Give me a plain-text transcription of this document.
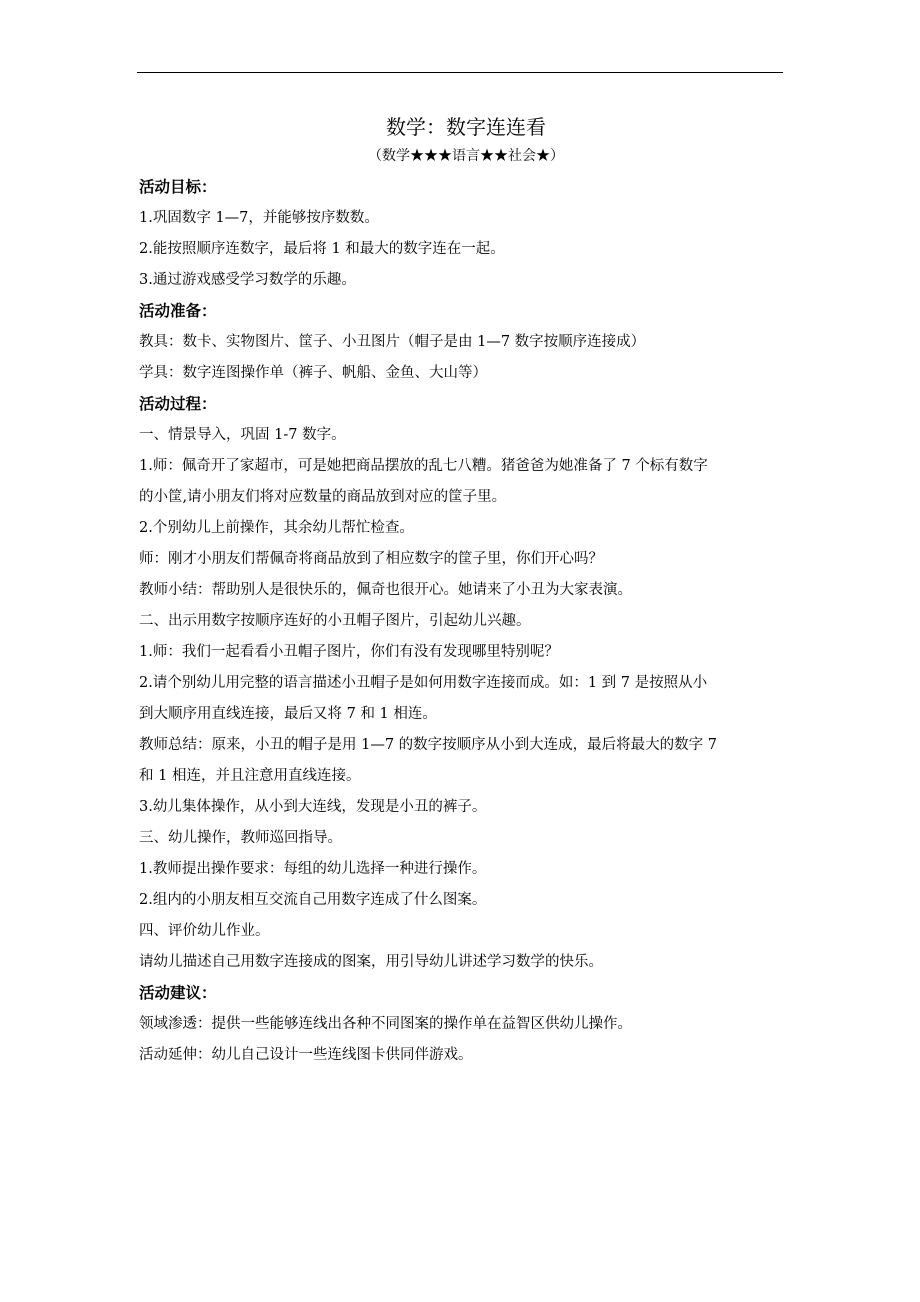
数学：数字连连看
（数学★★★语言★★社会★）
活动目标：
1.巩固数字 1—7，并能够按序数数。
2.能按照顺序连数字，最后将 1 和最大的数字连在一起。
3.通过游戏感受学习数学的乐趣。
活动准备：
教具：数卡、实物图片、筐子、小丑图片（帽子是由 1—7 数字按顺序连接成）
学具：数字连图操作单（裤子、帆船、金鱼、大山等）
活动过程：
一、情景导入，巩固 1-7 数字。
1.师：佩奇开了家超市，可是她把商品摆放的乱七八糟。猪爸爸为她准备了 7 个标有数字
的小筐,请小朋友们将对应数量的商品放到对应的筐子里。
2.个别幼儿上前操作，其余幼儿帮忙检查。
师：刚才小朋友们帮佩奇将商品放到了相应数字的筐子里，你们开心吗？
教师小结：帮助别人是很快乐的，佩奇也很开心。她请来了小丑为大家表演。
二、出示用数字按顺序连好的小丑帽子图片，引起幼儿兴趣。
1.师：我们一起看看小丑帽子图片，你们有没有发现哪里特别呢？
2.请个别幼儿用完整的语言描述小丑帽子是如何用数字连接而成。如：1 到 7 是按照从小
到大顺序用直线连接，最后又将 7 和 1 相连。
教师总结：原来，小丑的帽子是用 1—7 的数字按顺序从小到大连成，最后将最大的数字 7
和 1 相连，并且注意用直线连接。
3.幼儿集体操作，从小到大连线，发现是小丑的裤子。
三、幼儿操作，教师巡回指导。
1.教师提出操作要求：每组的幼儿选择一种进行操作。
2.组内的小朋友相互交流自己用数字连成了什么图案。
四、评价幼儿作业。
请幼儿描述自己用数字连接成的图案，用引导幼儿讲述学习数学的快乐。
活动建议：
领域渗透：提供一些能够连线出各种不同图案的操作单在益智区供幼儿操作。
活动延伸：幼儿自己设计一些连线图卡供同伴游戏。
